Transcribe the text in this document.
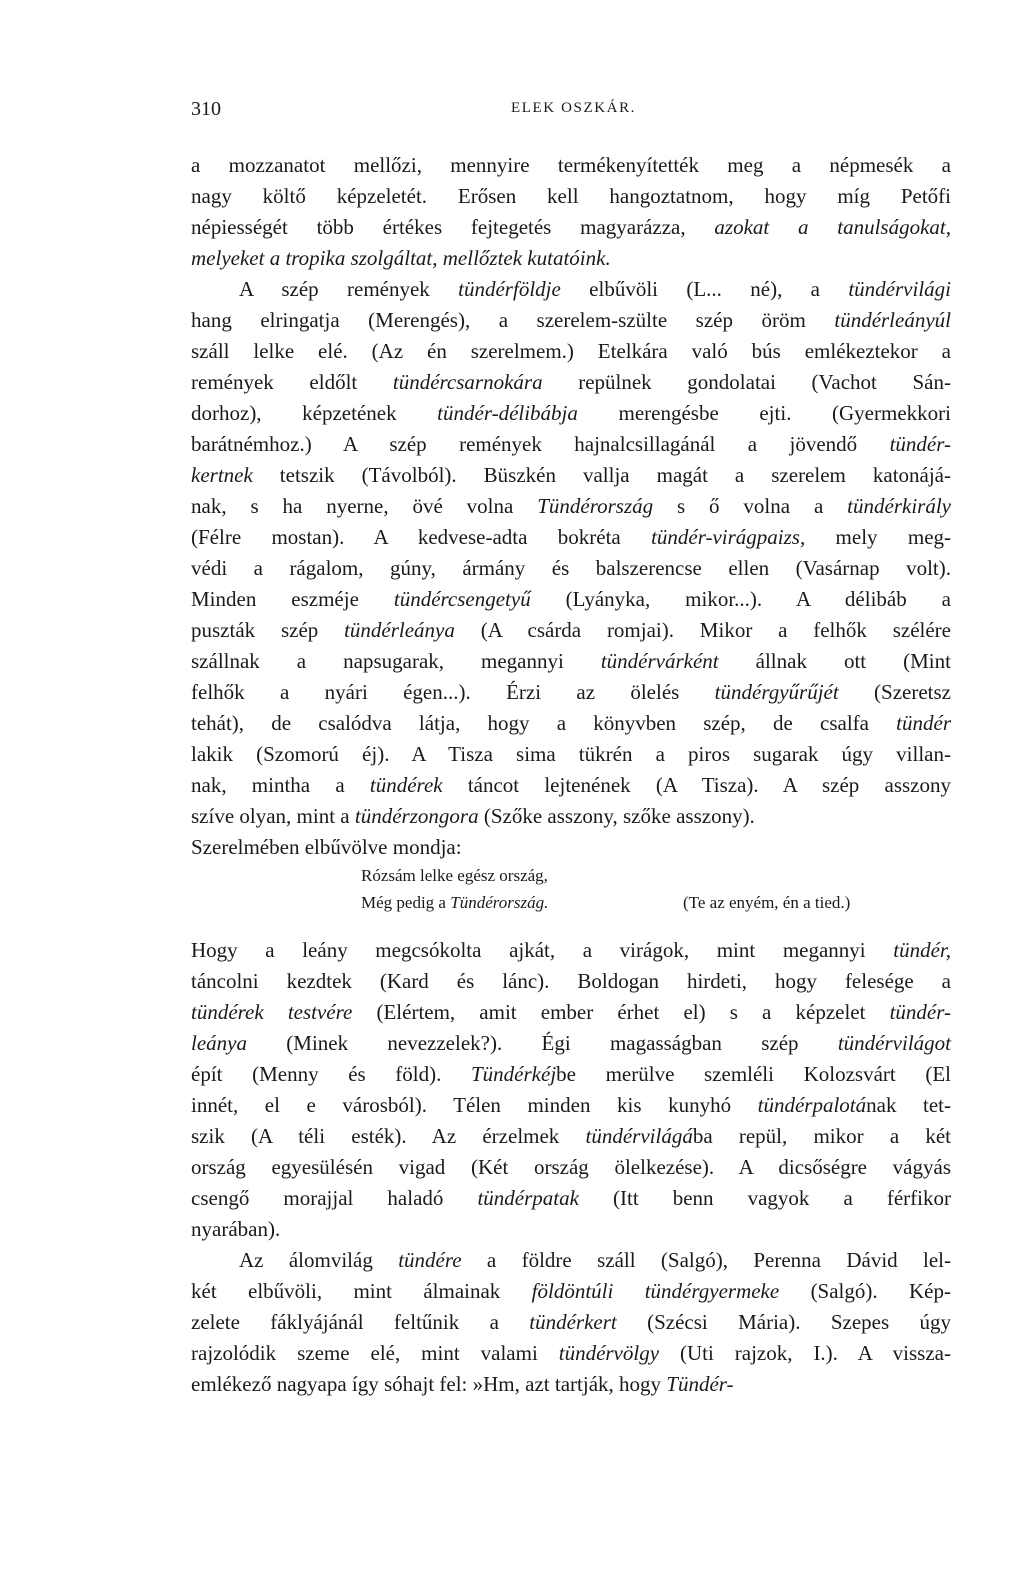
310	ELEK OSZKÁR.
a mozzanatot mellőzi, mennyire termékenyítették meg a népmesék a
nagy költő képzeletét. Erősen kell hangoztatnom, hogy míg Petőfi
népiességét több értékes fejtegetés magyarázza, azokat a tanulságokat,
melyeket a tropika szolgáltat, mellőztek kutatóink.
A szép remények tündérföldje elbűvöli (L... né), a tündérvilági
hang elringatja (Merengés), a szerelem-szülte szép öröm tündérleányúl
száll lelke elé. (Az én szerelmem.) Etelkára való bús emlékeztekor a
remények eldőlt tündércsarnokára repülnek gondolatai (Vachot Sán-
dorhoz), képzetének tündér-délibábja merengésbe ejti. (Gyermekkori
barátnémhoz.) A szép remények hajnalcsillagánál a jövendő tündér-
kertnek tetszik (Távolból). Büszkén vallja magát a szerelem katonájá-
nak, s ha nyerne, övé volna Tündérország s ő volna a tündérkirály
(Félre mostan). A kedvese-adta bokréta tündér-virágpaizs, mely meg-
védi a rágalom, gúny, ármány és balszerencse ellen (Vasárnap volt).
Minden eszméje tündércsengetyű (Lyányka, mikor...). A délibáb a
puszták szép tündérleánya (A csárda romjai). Mikor a felhők szélére
szállnak a napsugarak, megannyi tündérvárként állnak ott (Mint
felhők a nyári égen...). Érzi az ölelés tündérgyűrűjét (Szeretsz
tehát), de csalódva látja, hogy a könyvben szép, de csalfa tündér
lakik (Szomorú éj). A Tisza sima tükrén a piros sugarak úgy villan-
nak, mintha a tündérek táncot lejtenének (A Tisza). A szép asszony
szíve olyan, mint a tündérzongora (Szőke asszony, szőke asszony).
Szerelmében elbűvölve mondja:
Rózsám lelke egész ország,
Még pedig a Tündérország.	(Te az enyém, én a tied.)
Hogy a leány megcsókolta ajkát, a virágok, mint megannyi tündér,
táncolni kezdtek (Kard és lánc). Boldogan hirdeti, hogy felesége a
tündérek testvére (Elértem, amit ember érhet el) s a képzelet tündér-
leánya (Minek nevezzelek?). Égi magasságban szép tündérvilágot
épít (Menny és föld). Tündérkéjbe merülve szemléli Kolozsvárt (El
innét, el e városból). Télen minden kis kunyhó tündérpalotának tet-
szik (A téli esték). Az érzelmek tündérvilágába repül, mikor a két
ország egyesülésén vigad (Két ország ölelkezése). A dicsőségre vágyás
csengő morajjal haladó tündérpatak (Itt benn vagyok a férfikor
nyarában).
Az álomvilág tündére a földre száll (Salgó), Perenna Dávid lel-
két elbűvöli, mint álmainak földöntúli tündérgyermeke (Salgó). Kép-
zelete fáklyájánál feltűnik a tündérkert (Szécsi Mária). Szepes úgy
rajzolódik szeme elé, mint valami tündérvölgy (Uti rajzok, I.). A vissza-
emlékező nagyapa így sóhajt fel: »Hm, azt tartják, hogy Tündér-
